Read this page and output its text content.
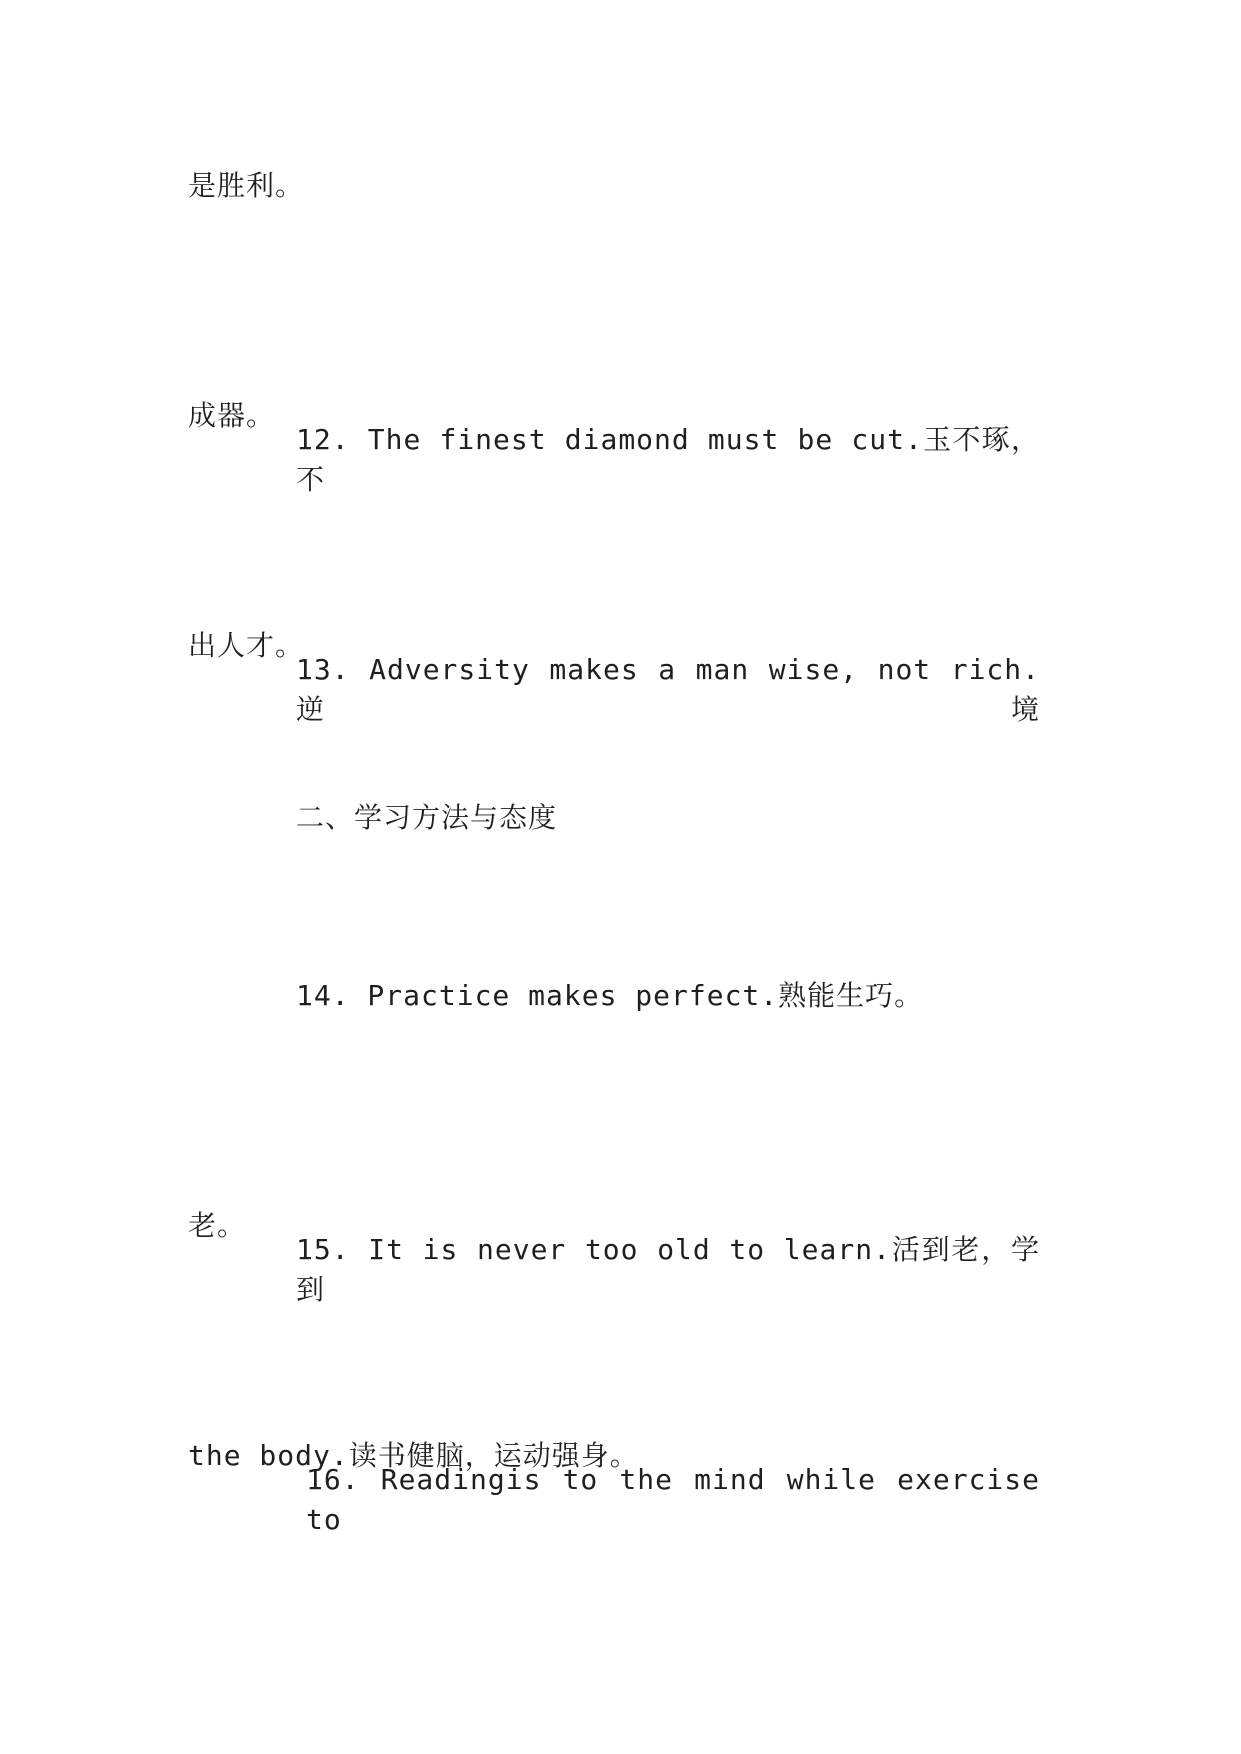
是胜利。

12. The finest diamond must be cut.玉不琢，不

成器。

13. Adversity makes a man wise, not rich.逆境

出人才。
二、学习方法与态度
14. Practice makes perfect.熟能生巧。

15. It is never too old to learn.活到老，学到

老。

16. Readingis to the mind while exercise to

the body.读书健脑，运动强身。
